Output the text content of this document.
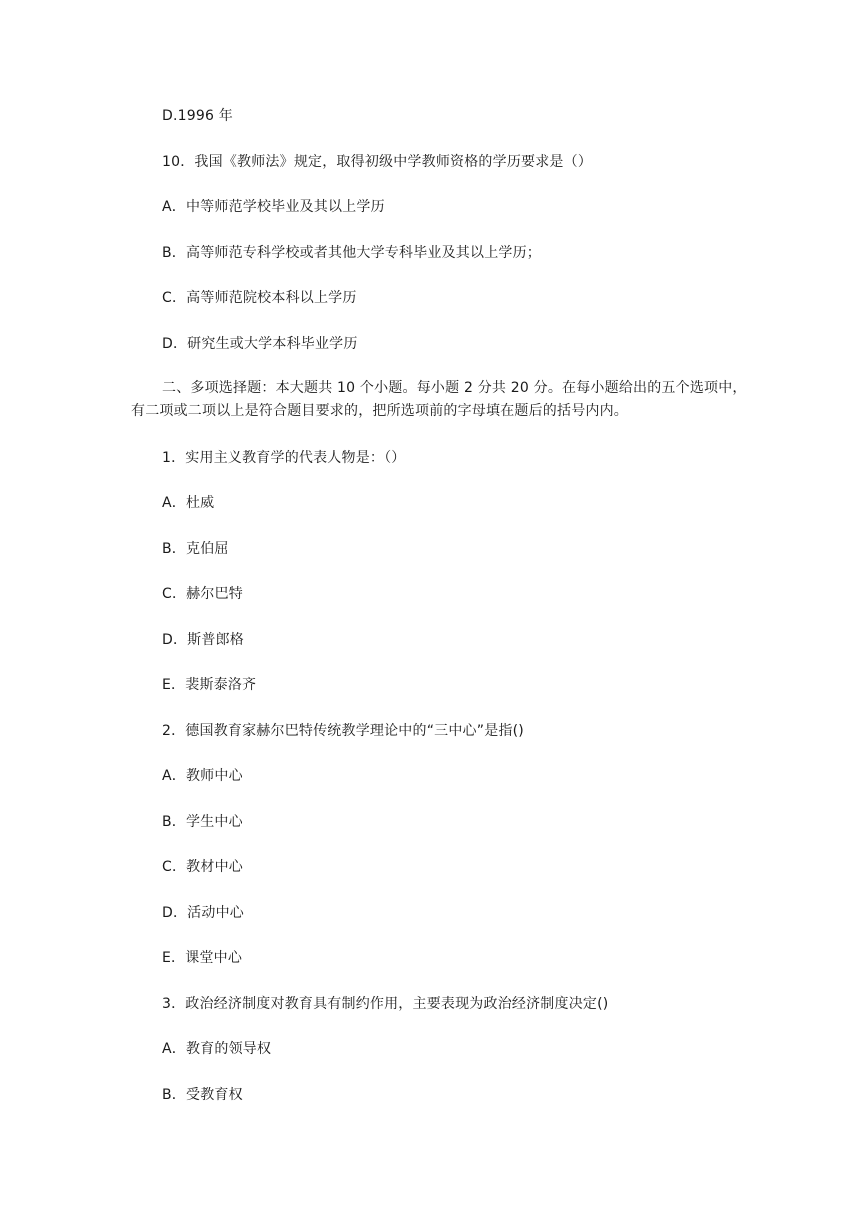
D.1996 年
10．我国《教师法》规定，取得初级中学教师资格的学历要求是（）
A．中等师范学校毕业及其以上学历
B．高等师范专科学校或者其他大学专科毕业及其以上学历；
C．高等师范院校本科以上学历
D．研究生或大学本科毕业学历
二、多项选择题：本大题共 10 个小题。每小题 2 分共 20 分。在每小题给出的五个选项中，有二项或二项以上是符合题目要求的，把所选项前的字母填在题后的括号内内。
1．实用主义教育学的代表人物是：（）
A．杜威
B．克伯屈
C．赫尔巴特
D．斯普郎格
E．裴斯泰洛齐
2．德国教育家赫尔巴特传统教学理论中的“三中心”是指()
A．教师中心
B．学生中心
C．教材中心
D．活动中心
E．课堂中心
3．政治经济制度对教育具有制约作用，主要表现为政治经济制度决定()
A．教育的领导权
B．受教育权
